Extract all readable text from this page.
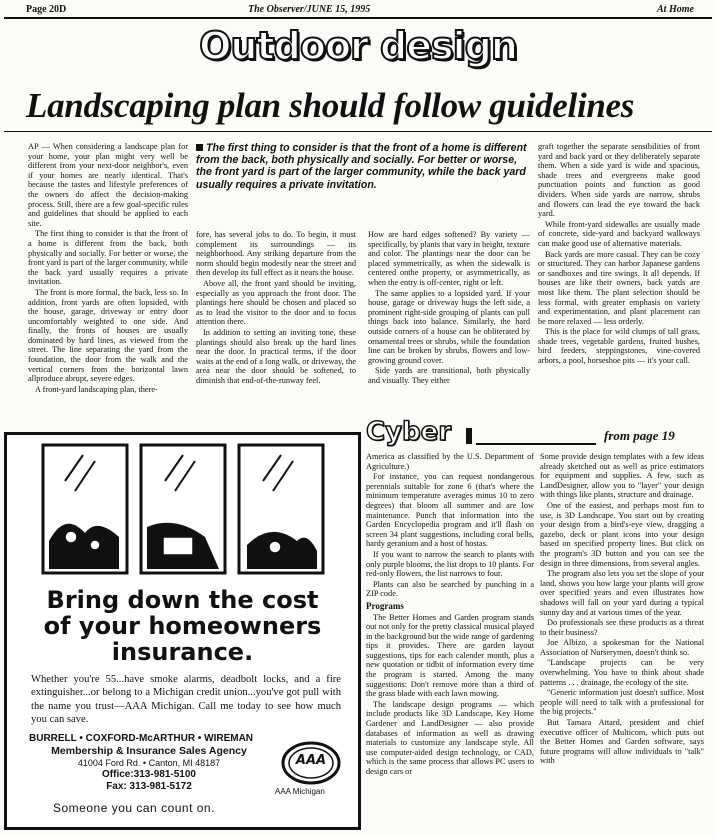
Page 20D	The Observer/JUNE 15, 1995	At Home
Outdoor design
Landscaping plan should follow guidelines

AP — When considering a landscape plan for your home, your plan might very well be different from your next-door neighbor's, even if your homes are nearly identical. That's because the tastes and lifestyle preferences of the owners do affect the decision-making process. Still, there are a few goal-specific rules and guidelines that should be applied to each site.

The first thing to consider is that the front of a home is different from the back, both physically and socially. For better or worse, the front yard is part of the larger community, while the back yard usually requires a private invitation.

The front is more formal, the back, less so. In addition, front yards are often lopsided, with the house, garage, driveway or entry door uncomfortably weighted to one side. And finally, the fronts of houses are usually dominated by hard lines, as viewed from the street. The line separating the yard from the foundation, the door from the walk and the vertical corners from the horizontal lawn allproduce abrupt, severe edges.

A front-yard landscaping plan, there-

The first thing to consider is that the front of a home is different from the back, both physically and socially. For better or worse, the front yard is part of the larger community, while the back yard usually requires a private invitation.

fore, has several jobs to do. To begin, it must complement its surroundings — its neighborhood. Any striking departure from the norm should begin modestly near the street and then develop its full effect as it nears the house.

Above all, the front yard should be inviting, especially as you approach the front door. The plantings here should be chosen and placed so as to lead the visitor to the door and to focus attention there.

In addition to setting an inviting tone, these plantings should also break up the hard lines near the door. In practical terms, if the door waits at the end of a long walk, or driveway, the area near the door should be softened, to diminish that end-of-the-runway feel.

How are hard edges softened? By variety — specifically, by plants that vary in height, texture and color. The plantings near the door can be placed symmetrically, as when the sidewalk is centered onthe property, or asymmetrically, as when the entry is off-center, right or left.

The same applies to a lopsided yard. If your house, garage or driveway hugs the left side, a prominent right-side grouping of plants can pull things back into balance. Similarly, the hard outside corners of a house can be obliterated by ornamental trees or shrubs, while the foundation line can be broken by shrubs, flowers and low-growing ground cover.

Side yards are transitional, both physically and visually. They either

graft together the separate sensibilities of front yard and back yard or they deliberately separate them. When a side yard is wide and spacious, shade trees and evergreens make good punctuation points and function as good dividers. When side yards are narrow, shrubs and flowers can lead the eye toward the back yard.

While front-yard sidewalks are usually made of concrete, side-yard and backyard walkways can make good use of alternative materials.

Back yards are more casual. They can be cozy or structured. They can harbor Japanese gardens or sandboxes and tire swings. It all depends. If houses are like their owners, back yards are most like them. The plant selection should be less formal, with greater emphasis on variety and experimentation, and plant placement can be more relaxed — less orderly.

This is the place for wild clumps of tall grass, shade trees, vegetable gardens, fruited bushes, bird feeders, steppingstones, vine-covered arbors, a pool, horseshoe pits — it's your call.

Cyber	from page 19

America as classified by the U.S. Department of Agriculture.)

For instance, you can request nondangerous perennials suitable for zone 6 (that's where the minimum temperature averages minus 10 to zero degrees) that bloom all summer and are low maintenance. Punch that information into the Garden Encyclopedia program and it'll flash on screen 34 plant suggestions, including coral bells, hardy geranium and a host of hostas.

If you want to narrow the search to plants with only purple blooms, the list drops to 10 plants. For red-only flowers, the list narrows to four.

Plants can also be searched by punching in a ZIP code.

Programs

The Better Homes and Garden program stands out not only for the pretty classical musical played in the background but the wide range of gardening tips it provides. There are garden layout suggestions, tips for each calender month, plus a new quotation or tidbit of information every time the program is started. Among the many suggestions: Don't remove more than a third of the grass blade with each lawn mowing.

The landscape design programs — which include products like 3D Landscape, Key Home Gardener and LandDesigner — also provide databases of information as well as drawing materials to customize any landscape style. All use computer-aided design technology, or CAD, which is the same process that allows PC users to design cars or

Some provide design templates with a few ideas already sketched out as well as price estimators for equipment and supplies. A few, such as LandDesigner, allow you to "layer" your design with things like plants, structure and drainage.

One of the easiest, and perhaps most fun to use, is 3D Landscape. You start out by creating your design from a bird's-eye view, dragging a gazebo, deck or plant icons into your design based on specified property lines. But click on the program's 3D button and you can see the design in three dimensions, from several angles.

The program also lets you set the slope of your land, shows you how large your plants will grow over specified years and even illustrates how shadows will fall on your yard during a typical sunny day and at various times of the year.

Do professionals see these products as a threat to their business?

Joe Albizo, a spokesman for the National Association of Nurserymen, doesn't think so.

"Landscape projects can be very overwhelming. You have to think about shade patterns . . . drainage, the ecology of the site.

"Generic information just doesn't suffice. Most people will need to talk with a professional for the big projects."

But Tamara Attard, president and chief executive officer of Multicom, which puts out the Better Homes and Garden software, says future programs will allow individuals to "talk" with

Bring down the cost
of your homeowners
insurance.
Whether you're 55...have smoke alarms, deadbolt locks, and a fire extinguisher...or belong to a Michigan credit union...you've got pull with the name you trust—AAA Michigan. Call me today to see how much you can save.
BURRELL • COXFORD-McARTHUR • WIREMAN
Membership & Insurance Sales Agency
41004 Ford Rd. • Canton, MI 48187
Office:313-981-5100
Fax: 313-981-5172
Someone you can count on.
AAA
AAA Michigan
